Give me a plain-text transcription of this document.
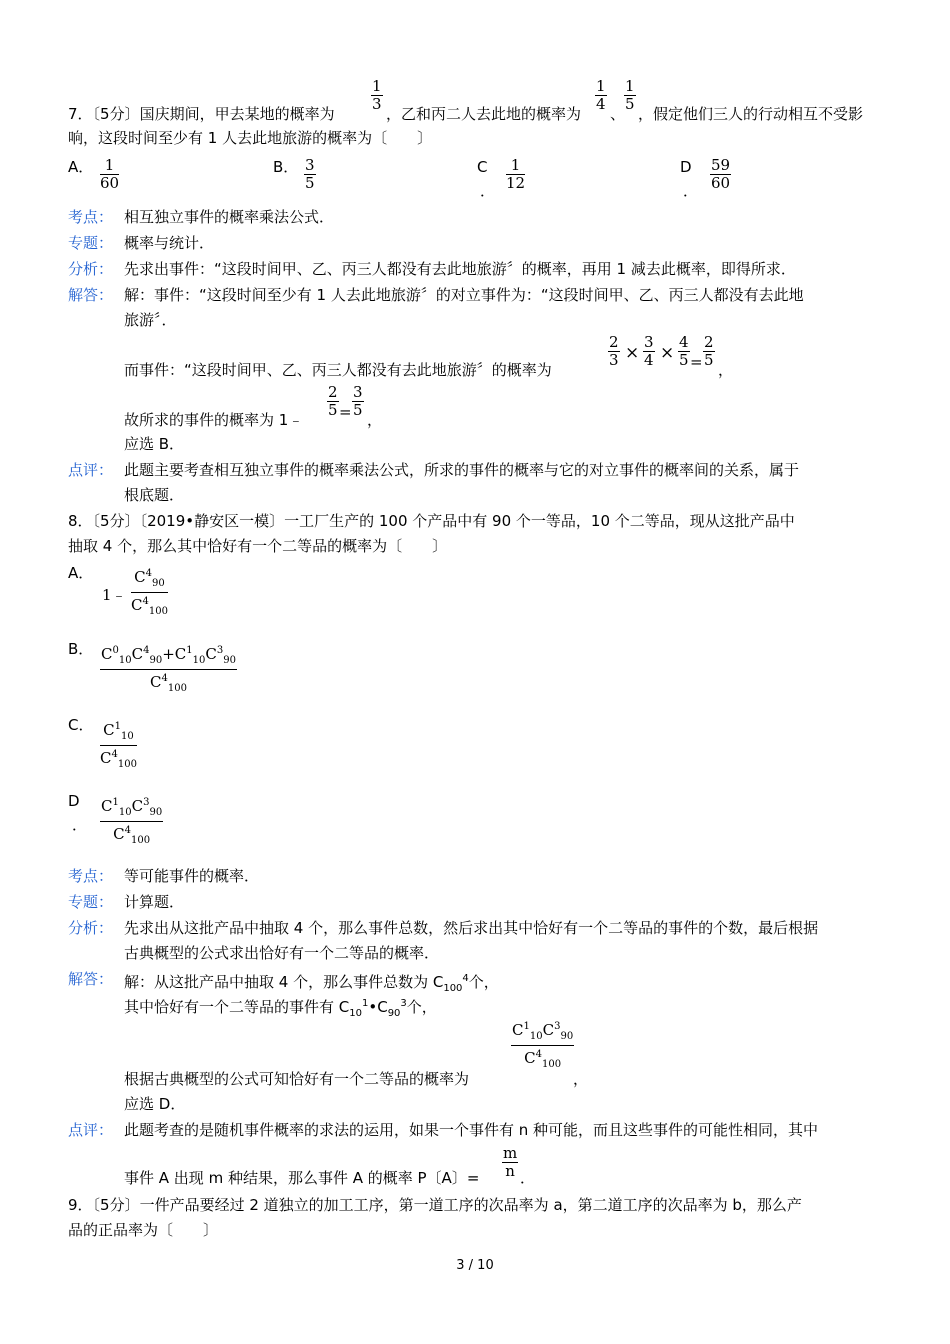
7．〔5分〕国庆期间，甲去某地的概率为
$\frac{1}{3}$
，乙和丙二人去此地的概率为
$\frac{1}{4}$
、
$\frac{1}{5}$
，假定他们三人的行动相互不受影
响，这段时间至少有 1 人去此地旅游的概率为〔　　〕
A． $\frac{1}{60}$	B． $\frac{3}{5}$	C
． $\frac{1}{12}$	D
． $\frac{59}{60}$
考点： 相互独立事件的概率乘法公式．
专题： 概率与统计．
分析： 先求出事件：“这段时间甲、乙、丙三人都没有去此地旅游〞的概率，再用 1 减去此概率，即得所求．
解答： 解：事件：“这段时间至少有 1 人去此地旅游〞的对立事件为：“这段时间甲、乙、丙三人都没有去此地
旅游〞．
而事件：“这段时间甲、乙、丙三人都没有去此地旅游〞的概率为
$\frac{2}{3} \times \frac{3}{4} \times \frac{4}{5} = \frac{2}{5}$
，
故所求的事件的概率为 1﹣
$\frac{2}{5} = \frac{3}{5}$
，
应选 B．
点评： 此题主要考查相互独立事件的概率乘法公式，所求的事件的概率与它的对立事件的概率间的关系，属于
根底题．
8．〔5分〕〔2019•静安区一模〕一工厂生产的 100 个产品中有 90 个一等品，10 个二等品，现从这批产品中
抽取 4 个，那么其中恰好有一个二等品的概率为〔　　〕
A．
1﹣ $\frac{C^4_{90}}{C^4_{100}}$
B． $\frac{C^0_{10}C^4_{90}+C^1_{10}C^3_{90}}{C^4_{100}}$
C． $\frac{C^1_{10}}{C^4_{100}}$
D
． $\frac{C^1_{10}C^3_{90}}{C^4_{100}}$
考点： 等可能事件的概率．
专题： 计算题．
分析： 先求出从这批产品中抽取 4 个，那么事件总数，然后求出其中恰好有一个二等品的事件的个数，最后根据
古典概型的公式求出恰好有一个二等品的概率．
解答： 解：从这批产品中抽取 4 个，那么事件总数为 $C_{100}^4$个，
其中恰好有一个二等品的事件有 $C_{10}^1•C_{90}^3$个，
$\frac{C^1_{10}C^3_{90}}{C^4_{100}}$
根据古典概型的公式可知恰好有一个二等品的概率为	，
应选 D．
点评： 此题考查的是随机事件概率的求法的运用，如果一个事件有 n 种可能，而且这些事件的可能性相同，其中
事件 A 出现 m 种结果，那么事件 A 的概率 P〔A〕= $\frac{m}{n}$ ．
9．〔5分〕一件产品要经过 2 道独立的加工工序，第一道工序的次品率为 a，第二道工序的次品率为 b，那么产
品的正品率为〔　　〕
3 / 10
